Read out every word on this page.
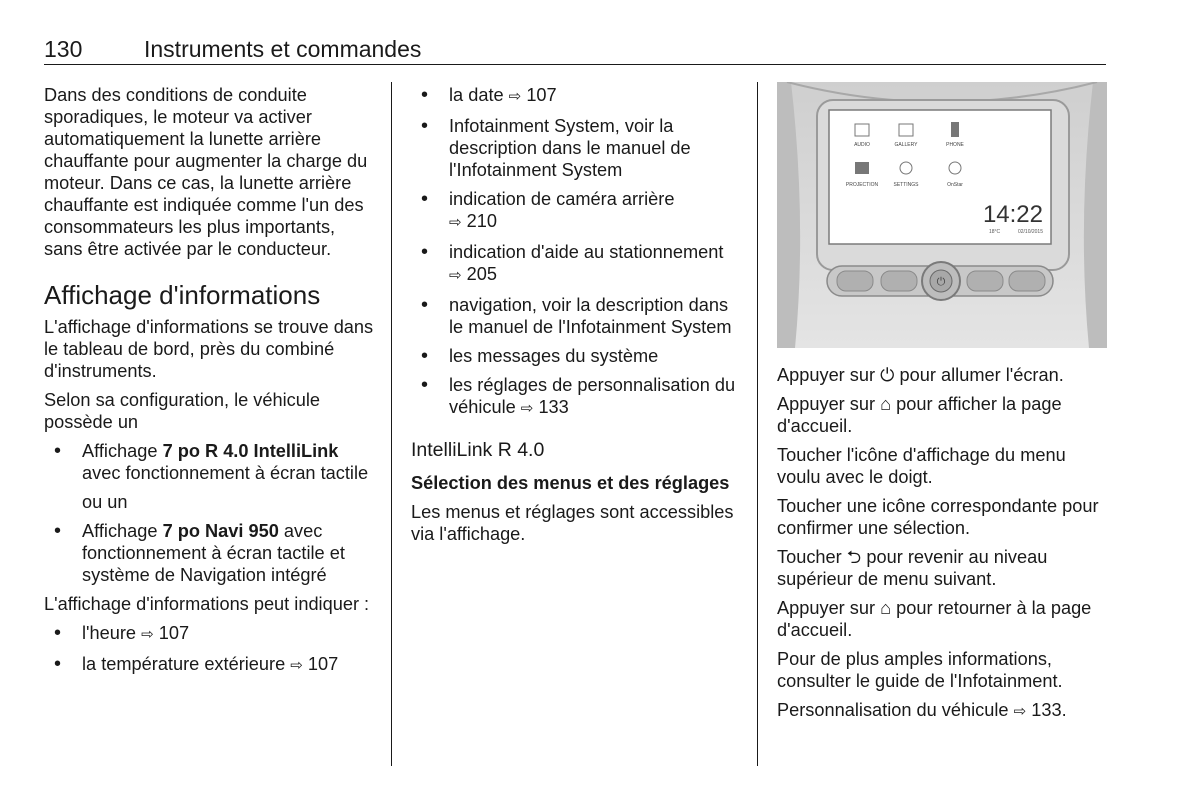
130	Instruments et commandes

Dans des conditions de conduite sporadiques, le moteur va activer automatiquement la lunette arrière chauffante pour augmenter la charge du moteur. Dans ce cas, la lunette arrière chauffante est indiquée comme l'un des consommateurs les plus importants, sans être activée par le conducteur.

Affichage d'informations

L'affichage d'informations se trouve dans le tableau de bord, près du combiné d'instruments.

Selon sa configuration, le véhicule possède un

• Affichage 7 po R 4.0 IntelliLink avec fonctionnement à écran tactile

ou un

• Affichage 7 po Navi 950 avec fonctionnement à écran tactile et système de Navigation intégré

L'affichage d'informations peut indiquer :

• l'heure ⇨ 107
• la température extérieure ⇨ 107
• la date ⇨ 107
• Infotainment System, voir la description dans le manuel de l'Infotainment System
• indication de caméra arrière
⇨ 210
• indication d'aide au stationnement ⇨ 205
• navigation, voir la description dans le manuel de l'Infotainment System
• les messages du système
• les réglages de personnalisation du véhicule ⇨ 133
IntelliLink R 4.0

Sélection des menus et des réglages

Les menus et réglages sont accessibles via l'affichage.

AUDIO	GALLERY	PHONE
PROJECTION	SETTINGS	OnStar
14:22
18°C	02/10/2015
⏻

Appuyer sur ⏻ pour allumer l'écran.

Appuyer sur ⌂ pour afficher la page d'accueil.

Toucher l'icône d'affichage du menu voulu avec le doigt.

Toucher une icône correspondante pour confirmer une sélection.

Toucher ⮌ pour revenir au niveau supérieur de menu suivant.

Appuyer sur ⌂ pour retourner à la page d'accueil.

Pour de plus amples informations, consulter le guide de l'Infotainment.

Personnalisation du véhicule ⇨ 133.
